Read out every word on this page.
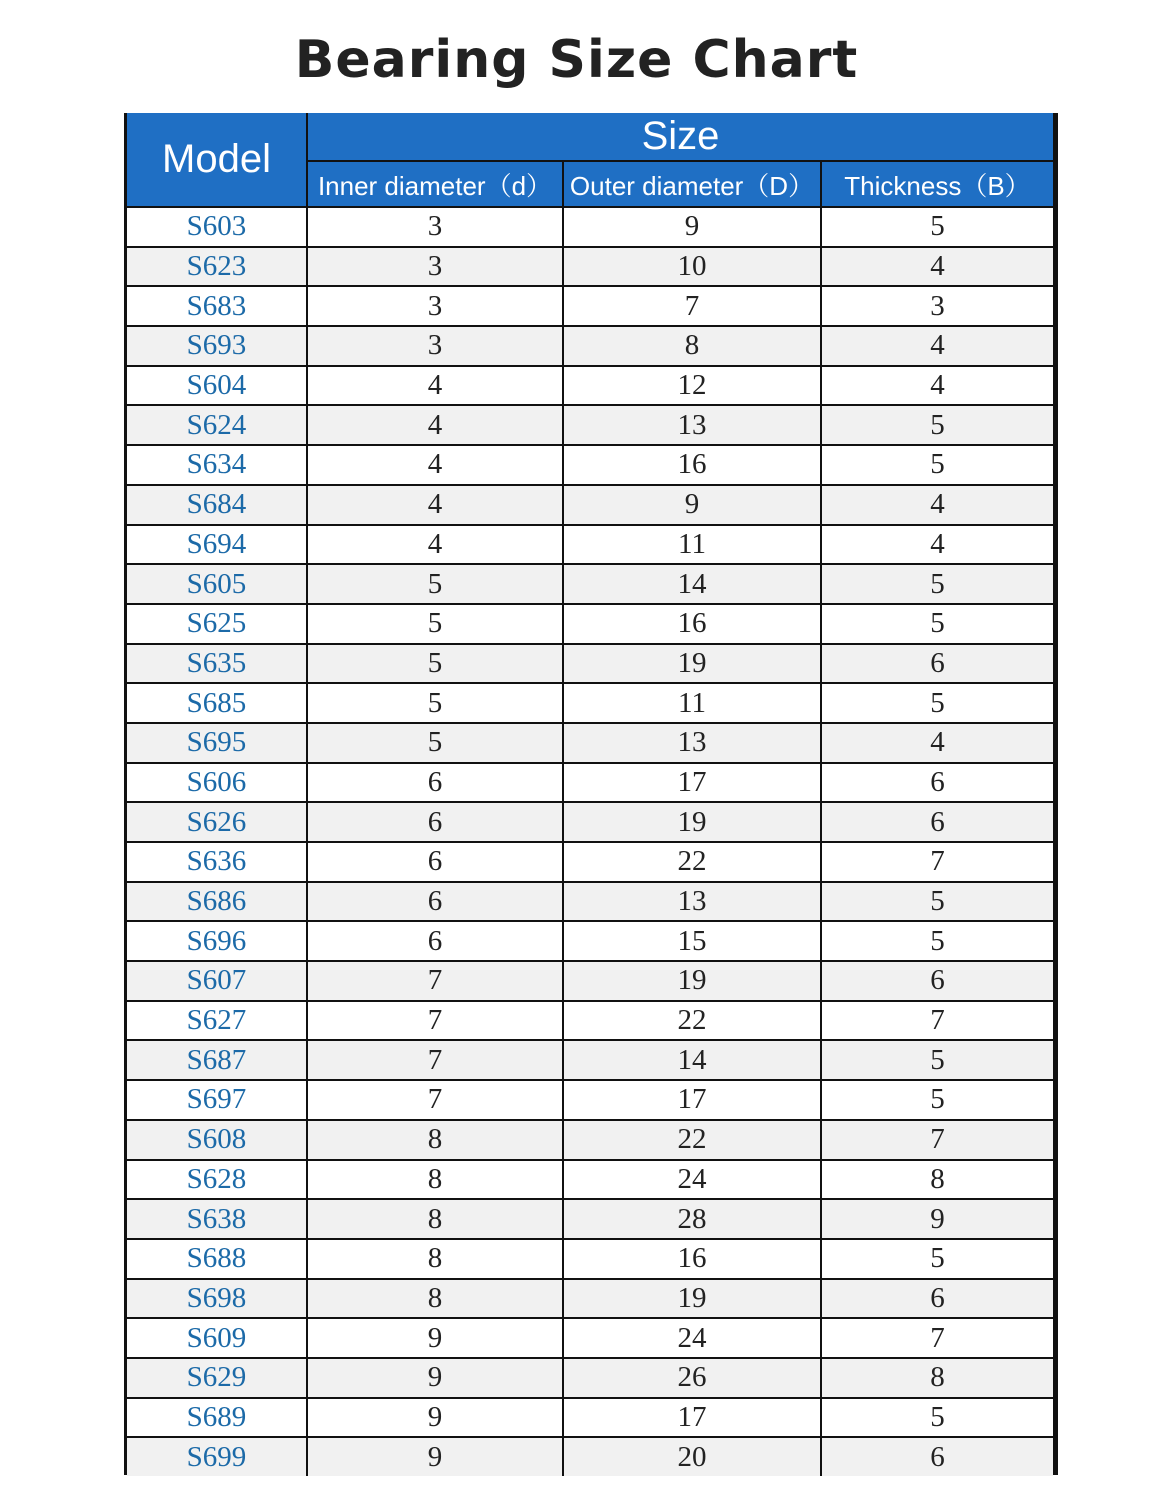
Bearing Size Chart
Model	Size		
	Inner diameter（d）	Outer diameter（D）	Thickness（B）
S603	3	9	5
S623	3	10	4
S683	3	7	3
S693	3	8	4
S604	4	12	4
S624	4	13	5
S634	4	16	5
S684	4	9	4
S694	4	11	4
S605	5	14	5
S625	5	16	5
S635	5	19	6
S685	5	11	5
S695	5	13	4
S606	6	17	6
S626	6	19	6
S636	6	22	7
S686	6	13	5
S696	6	15	5
S607	7	19	6
S627	7	22	7
S687	7	14	5
S697	7	17	5
S608	8	22	7
S628	8	24	8
S638	8	28	9
S688	8	16	5
S698	8	19	6
S609	9	24	7
S629	9	26	8
S689	9	17	5
S699	9	20	6
